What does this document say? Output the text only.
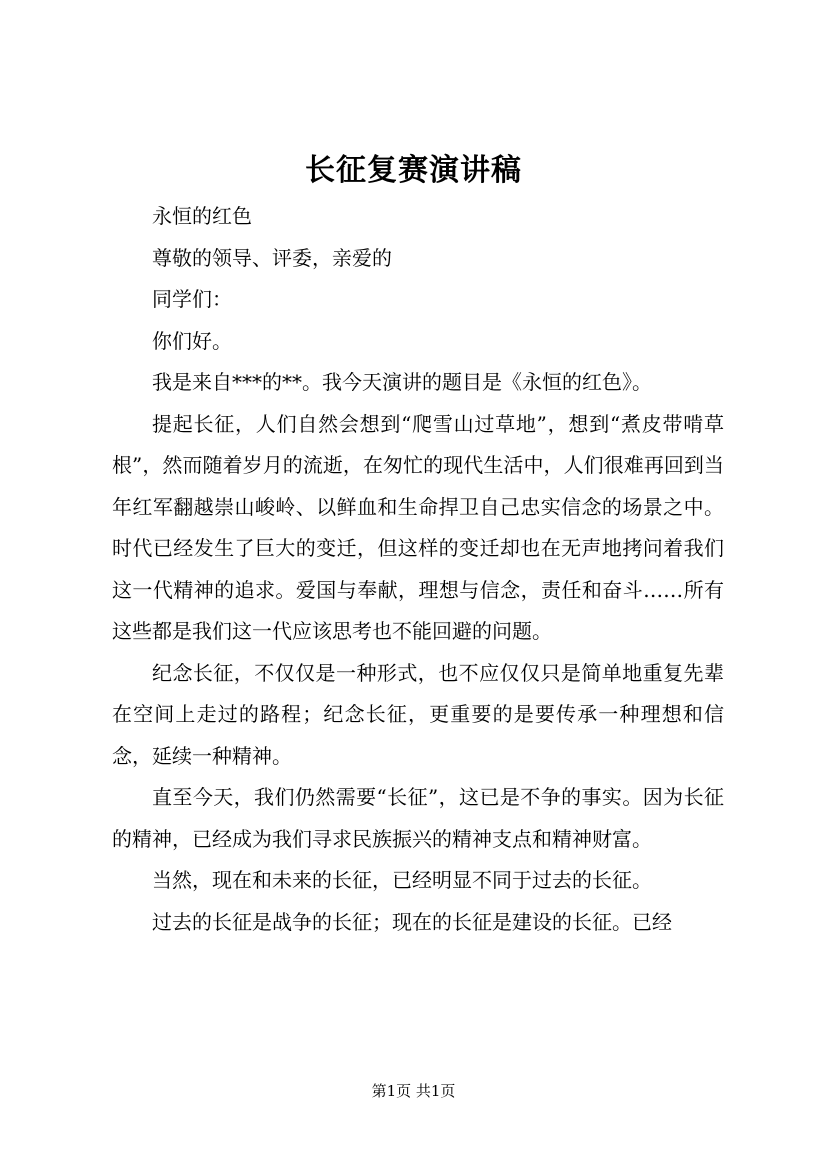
长征复赛演讲稿

永恒的红色

尊敬的领导、评委，亲爱的

同学们：

你们好。

我是来自***的**。我今天演讲的题目是《永恒的红色》。

提起长征，人们自然会想到“爬雪山过草地”，想到“煮皮带啃草根”，然而随着岁月的流逝，在匆忙的现代生活中，人们很难再回到当年红军翻越崇山峻岭、以鲜血和生命捍卫自己忠实信念的场景之中。时代已经发生了巨大的变迁，但这样的变迁却也在无声地拷问着我们这一代精神的追求。爱国与奉献，理想与信念，责任和奋斗……所有这些都是我们这一代应该思考也不能回避的问题。

纪念长征，不仅仅是一种形式，也不应仅仅只是简单地重复先辈在空间上走过的路程；纪念长征，更重要的是要传承一种理想和信念，延续一种精神。

直至今天，我们仍然需要“长征”，这已是不争的事实。因为长征的精神，已经成为我们寻求民族振兴的精神支点和精神财富。

当然，现在和未来的长征，已经明显不同于过去的长征。

过去的长征是战争的长征；现在的长征是建设的长征。已经

第1页 共1页
